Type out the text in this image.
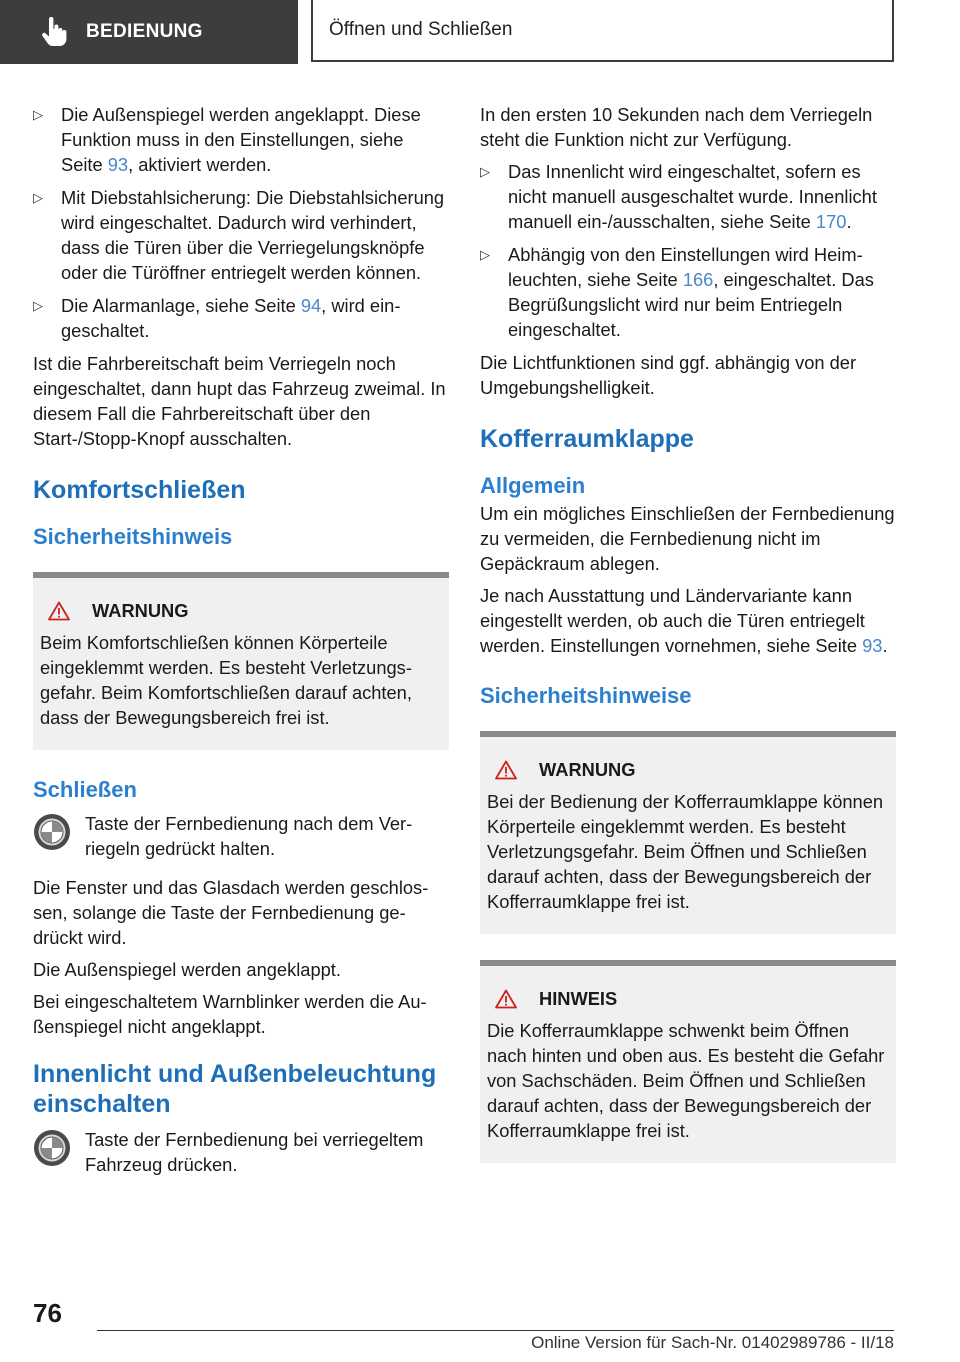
BEDIENUNG	Öffnen und Schließen
▷ Die Außenspiegel werden angeklappt. Diese Funktion muss in den Einstellungen, siehe Seite 93, aktiviert werden.
▷ Mit Diebstahlsicherung: Die Diebstahlsicherung wird eingeschaltet. Dadurch wird verhindert, dass die Türen über die Verriegelungsknöpfe oder die Türöffner entriegelt werden können.
▷ Die Alarmanlage, siehe Seite 94, wird eingeschaltet.

Ist die Fahrbereitschaft beim Verriegeln noch eingeschaltet, dann hupt das Fahrzeug zweimal. In diesem Fall die Fahrbereitschaft über den Start-/Stopp-Knopf ausschalten.

Komfortschließen
Sicherheitshinweis
WARNUNG
Beim Komfortschließen können Körperteile eingeklemmt werden. Es besteht Verletzungsgefahr. Beim Komfortschließen darauf achten, dass der Bewegungsbereich frei ist.
Schließen
Taste der Fernbedienung nach dem Verriegeln gedrückt halten.

Die Fenster und das Glasdach werden geschlossen, solange die Taste der Fernbedienung gedrückt wird.

Die Außenspiegel werden angeklappt.

Bei eingeschaltetem Warnblinker werden die Außenspiegel nicht angeklappt.

Innenlicht und Außenbeleuchtung einschalten
Taste der Fernbedienung bei verriegeltem Fahrzeug drücken.

In den ersten 10 Sekunden nach dem Verriegeln steht die Funktion nicht zur Verfügung.

▷ Das Innenlicht wird eingeschaltet, sofern es nicht manuell ausgeschaltet wurde. Innenlicht manuell ein-/ausschalten, siehe Seite 170.
▷ Abhängig von den Einstellungen wird Heimleuchten, siehe Seite 166, eingeschaltet. Das Begrüßungslicht wird nur beim Entriegeln eingeschaltet.

Die Lichtfunktionen sind ggf. abhängig von der Umgebungshelligkeit.

Kofferraumklappe
Allgemein

Um ein mögliches Einschließen der Fernbedienung zu vermeiden, die Fernbedienung nicht im Gepäckraum ablegen.

Je nach Ausstattung und Ländervariante kann eingestellt werden, ob auch die Türen entriegelt werden. Einstellungen vornehmen, siehe Seite 93.

Sicherheitshinweise
WARNUNG
Bei der Bedienung der Kofferraumklappe können Körperteile eingeklemmt werden. Es besteht Verletzungsgefahr. Beim Öffnen und Schließen darauf achten, dass der Bewegungsbereich der Kofferraumklappe frei ist.
HINWEIS
Die Kofferraumklappe schwenkt beim Öffnen nach hinten und oben aus. Es besteht die Gefahr von Sachschäden. Beim Öffnen und Schließen darauf achten, dass der Bewegungsbereich der Kofferraumklappe frei ist.
76
Online Version für Sach-Nr. 01402989786 - II/18
